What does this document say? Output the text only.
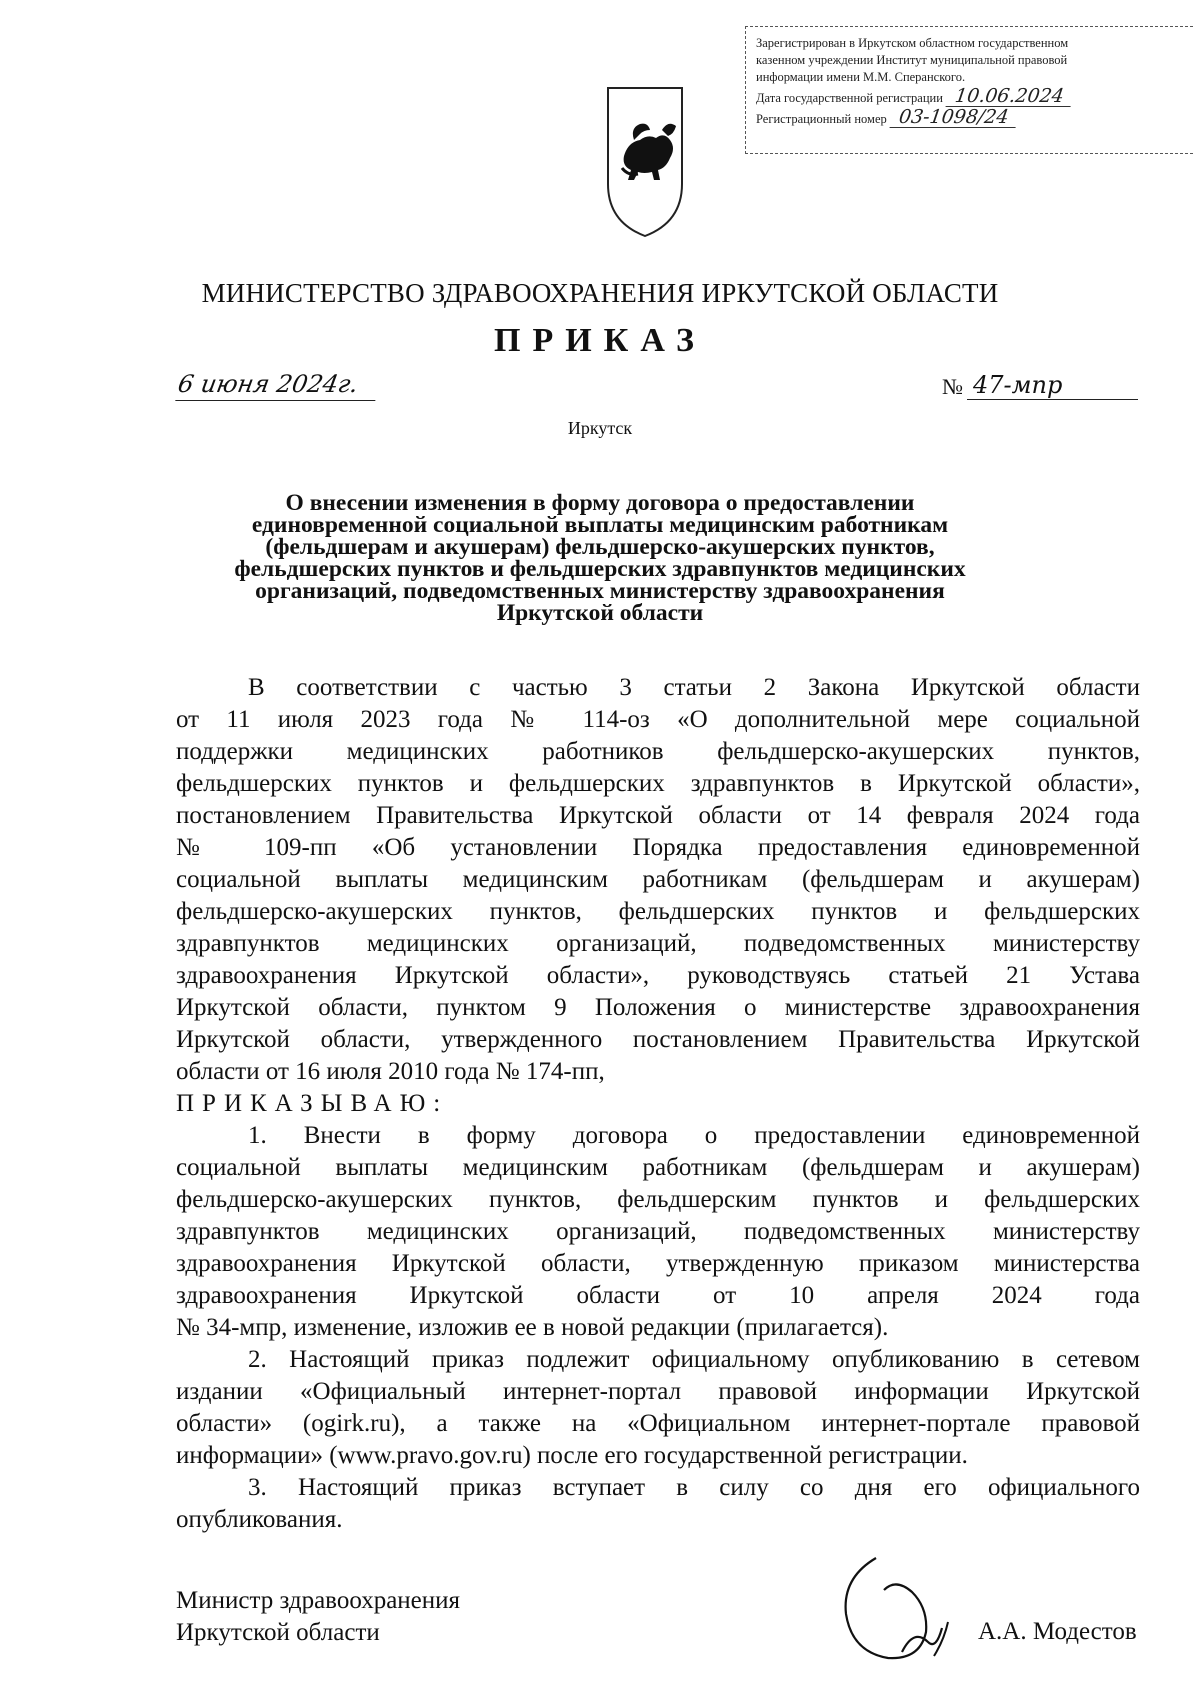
Зарегистрирован в Иркутском областном государственном
казенном учреждении Институт муниципальной правовой
информации имени М.М. Сперанского.
Дата государственной регистрации 10.06.2024
Регистрационный номер 03-1098/24
МИНИСТЕРСТВО ЗДРАВООХРАНЕНИЯ ИРКУТСКОЙ ОБЛАСТИ
ПРИКАЗ
6 июня 2024г.	№ 47-мпр
Иркутск
О внесении изменения в форму договора о предоставлении
единовременной социальной выплаты медицинским работникам
(фельдшерам и акушерам) фельдшерско-акушерских пунктов,
фельдшерских пунктов и фельдшерских здравпунктов медицинских
организаций, подведомственных министерству здравоохранения
Иркутской области
В соответствии с частью 3 статьи 2 Закона Иркутской области
от 11 июля 2023 года № 114-оз «О дополнительной мере социальной
поддержки медицинских работников фельдшерско-акушерских пунктов,
фельдшерских пунктов и фельдшерских здравпунктов в Иркутской области»,
постановлением Правительства Иркутской области от 14 февраля 2024 года
№ 109-пп «Об установлении Порядка предоставления единовременной
социальной выплаты медицинским работникам (фельдшерам и акушерам)
фельдшерско-акушерских пунктов, фельдшерских пунктов и фельдшерских
здравпунктов медицинских организаций, подведомственных министерству
здравоохранения Иркутской области», руководствуясь статьей 21 Устава
Иркутской области, пунктом 9 Положения о министерстве здравоохранения
Иркутской области, утвержденного постановлением Правительства Иркутской
области от 16 июля 2010 года № 174-пп,
ПРИКАЗЫВАЮ:
1. Внести в форму договора о предоставлении единовременной
социальной выплаты медицинским работникам (фельдшерам и акушерам)
фельдшерско-акушерских пунктов, фельдшерским пунктов и фельдшерских
здравпунктов медицинских организаций, подведомственных министерству
здравоохранения Иркутской области, утвержденную приказом министерства
здравоохранения Иркутской области от 10 апреля 2024 года
№ 34-мпр, изменение, изложив ее в новой редакции (прилагается).
2. Настоящий приказ подлежит официальному опубликованию в сетевом
издании «Официальный интернет-портал правовой информации Иркутской
области» (ogirk.ru), а также на «Официальном интернет-портале правовой
информации» (www.pravo.gov.ru) после его государственной регистрации.
3. Настоящий приказ вступает в силу со дня его официального
опубликования.
Министр здравоохранения
Иркутской области	А.А. Модестов
